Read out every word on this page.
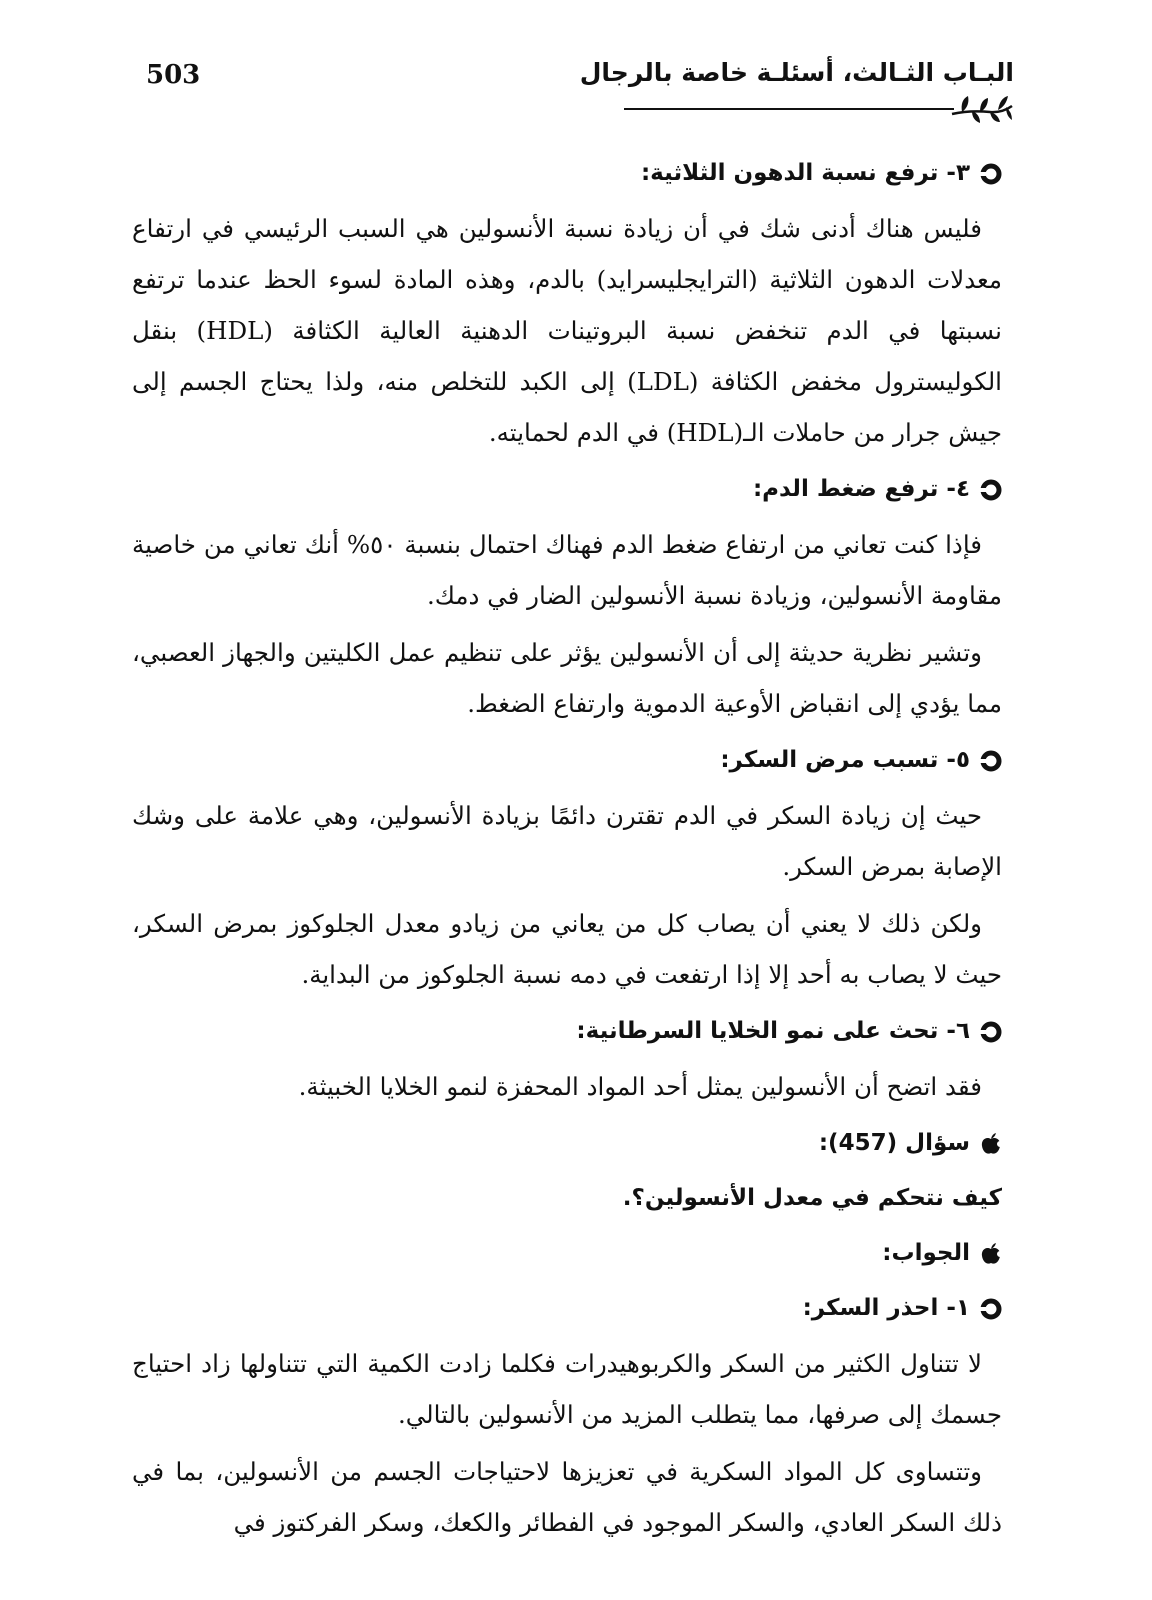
503	البـاب الثـالث، أسئلـة خاصة بالرجال
٣- ترفع نسبة الدهون الثلاثية:

فليس هناك أدنى شك في أن زيادة نسبة الأنسولين هي السبب الرئيسي في ارتفاع معدلات الدهون الثلاثية (الترايجليسرايد) بالدم، وهذه المادة لسوء الحظ عندما ترتفع نسبتها في الدم تنخفض نسبة البروتينات الدهنية العالية الكثافة (HDL) بنقل الكوليسترول مخفض الكثافة (LDL) إلى الكبد للتخلص منه، ولذا يحتاج الجسم إلى جيش جرار من حاملات الـ(HDL) في الدم لحمايته.

٤- ترفع ضغط الدم:

فإذا كنت تعاني من ارتفاع ضغط الدم فهناك احتمال بنسبة ٥٠% أنك تعاني من خاصية مقاومة الأنسولين، وزيادة نسبة الأنسولين الضار في دمك.

وتشير نظرية حديثة إلى أن الأنسولين يؤثر على تنظيم عمل الكليتين والجهاز العصبي، مما يؤدي إلى انقباض الأوعية الدموية وارتفاع الضغط.

٥- تسبب مرض السكر:

حيث إن زيادة السكر في الدم تقترن دائمًا بزيادة الأنسولين، وهي علامة على وشك الإصابة بمرض السكر.

ولكن ذلك لا يعني أن يصاب كل من يعاني من زيادو معدل الجلوكوز بمرض السكر، حيث لا يصاب به أحد إلا إذا ارتفعت في دمه نسبة الجلوكوز من البداية.

٦- تحث على نمو الخلايا السرطانية:

فقد اتضح أن الأنسولين يمثل أحد المواد المحفزة لنمو الخلايا الخبيثة.

سؤال (457):
كيف نتحكم في معدل الأنسولين؟.
الجواب:
١- احذر السكر:

لا تتناول الكثير من السكر والكربوهيدرات فكلما زادت الكمية التي تتناولها زاد احتياج جسمك إلى صرفها، مما يتطلب المزيد من الأنسولين بالتالي.

وتتساوى كل المواد السكرية في تعزيزها لاحتياجات الجسم من الأنسولين، بما في ذلك السكر العادي، والسكر الموجود في الفطائر والكعك، وسكر الفركتوز في
